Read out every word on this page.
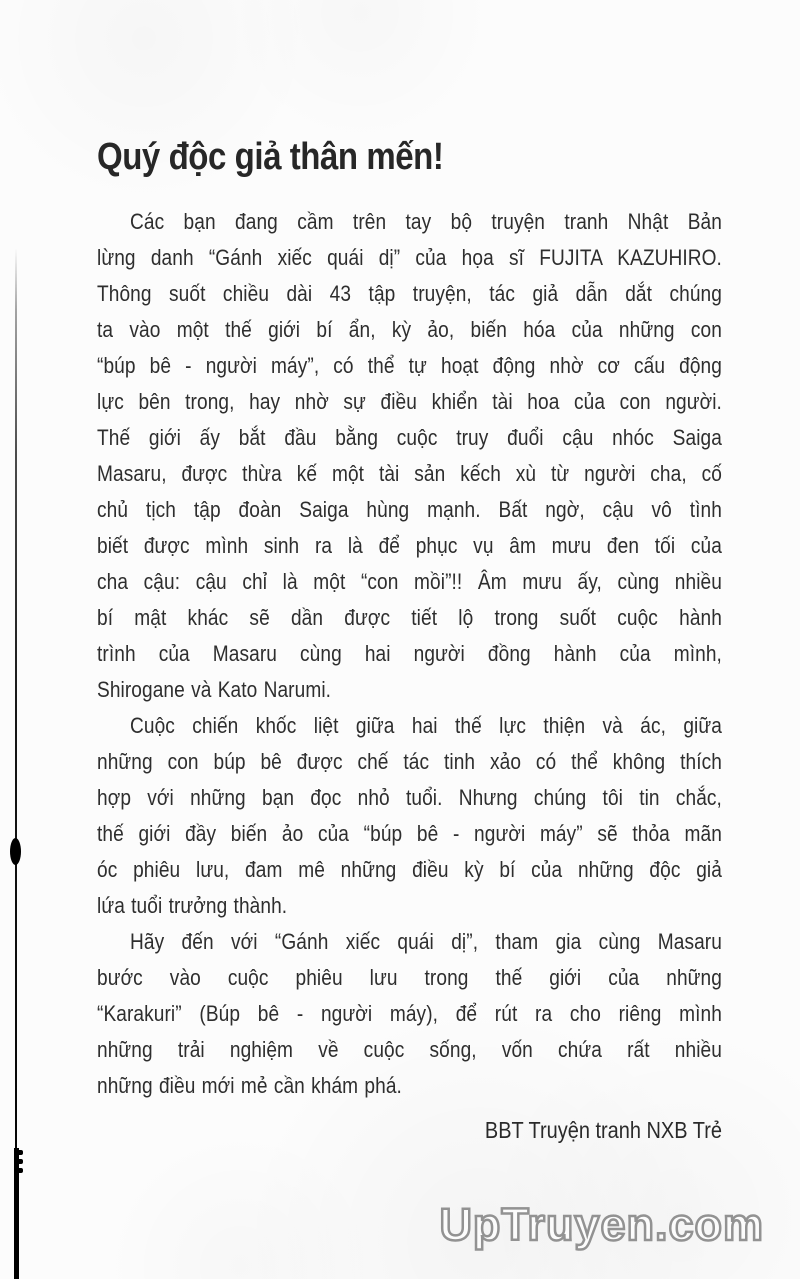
Quý độc giả thân mến!
Các bạn đang cầm trên tay bộ truyện tranh Nhật Bản
lừng danh “Gánh xiếc quái dị” của họa sĩ FUJITA KAZUHIRO.
Thông suốt chiều dài 43 tập truyện, tác giả dẫn dắt chúng
ta vào một thế giới bí ẩn, kỳ ảo, biến hóa của những con
“búp bê - người máy”, có thể tự hoạt động nhờ cơ cấu động
lực bên trong, hay nhờ sự điều khiển tài hoa của con người.
Thế giới ấy bắt đầu bằng cuộc truy đuổi cậu nhóc Saiga
Masaru, được thừa kế một tài sản kếch xù từ người cha, cố
chủ tịch tập đoàn Saiga hùng mạnh. Bất ngờ, cậu vô tình
biết được mình sinh ra là để phục vụ âm mưu đen tối của
cha cậu: cậu chỉ là một “con mồi”!! Âm mưu ấy, cùng nhiều
bí mật khác sẽ dần được tiết lộ trong suốt cuộc hành
trình của Masaru cùng hai người đồng hành của mình,
Shirogane và Kato Narumi.
Cuộc chiến khốc liệt giữa hai thế lực thiện và ác, giữa
những con búp bê được chế tác tinh xảo có thể không thích
hợp với những bạn đọc nhỏ tuổi. Nhưng chúng tôi tin chắc,
thế giới đầy biến ảo của “búp bê - người máy” sẽ thỏa mãn
óc phiêu lưu, đam mê những điều kỳ bí của những độc giả
lứa tuổi trưởng thành.
Hãy đến với “Gánh xiếc quái dị”, tham gia cùng Masaru
bước vào cuộc phiêu lưu trong thế giới của những
“Karakuri” (Búp bê - người máy), để rút ra cho riêng mình
những trải nghiệm về cuộc sống, vốn chứa rất nhiều
những điều mới mẻ cần khám phá.
BBT Truyện tranh NXB Trẻ
UpTruyen.com
